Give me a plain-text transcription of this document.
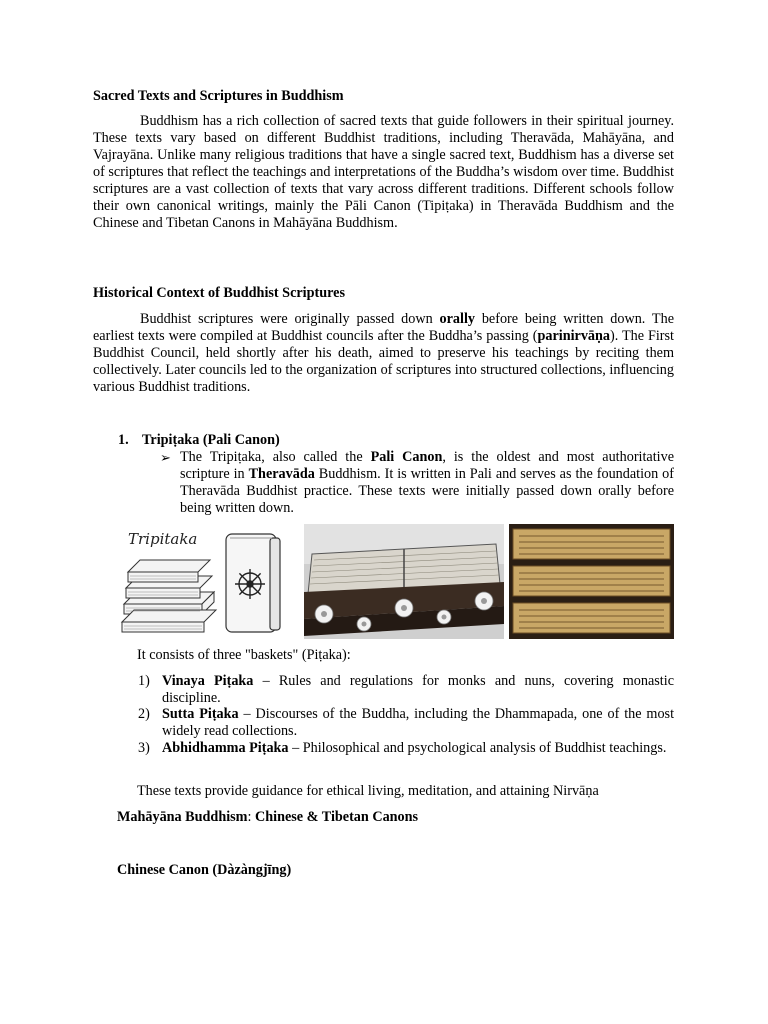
Sacred Texts and Scriptures in Buddhism

Buddhism has a rich collection of sacred texts that guide followers in their spiritual journey. These texts vary based on different Buddhist traditions, including Theravāda, Mahāyāna, and Vajrayāna. Unlike many religious traditions that have a single sacred text, Buddhism has a diverse set of scriptures that reflect the teachings and interpretations of the Buddha’s wisdom over time. Buddhist scriptures are a vast collection of texts that vary across different traditions. Different schools follow their own canonical writings, mainly the Pāli Canon (Tipiṭaka) in Theravāda Buddhism and the Chinese and Tibetan Canons in Mahāyāna Buddhism.

Historical Context of Buddhist Scriptures

Buddhist scriptures were originally passed down orally before being written down. The earliest texts were compiled at Buddhist councils after the Buddha’s passing (parinirvāṇa). The First Buddhist Council, held shortly after his death, aimed to preserve his teachings by reciting them collectively. Later councils led to the organization of scriptures into structured collections, influencing various Buddhist traditions.

1. Tripiṭaka (Pali Canon)
➢ The Tripiṭaka, also called the Pali Canon, is the oldest and most authoritative scripture in Theravāda Buddhism. It is written in Pali and serves as the foundation of Theravāda Buddhist practice. These texts were initially passed down orally before being written down.

Tripitaka

It consists of three "baskets" (Piṭaka):

1) Vinaya Piṭaka – Rules and regulations for monks and nuns, covering monastic discipline.

2) Sutta Piṭaka – Discourses of the Buddha, including the Dhammapada, one of the most widely read collections.

3) Abhidhamma Piṭaka – Philosophical and psychological analysis of Buddhist teachings.

These texts provide guidance for ethical living, meditation, and attaining Nirvāṇa

Mahāyāna Buddhism: Chinese & Tibetan Canons
Chinese Canon (Dàzàngjīng)
